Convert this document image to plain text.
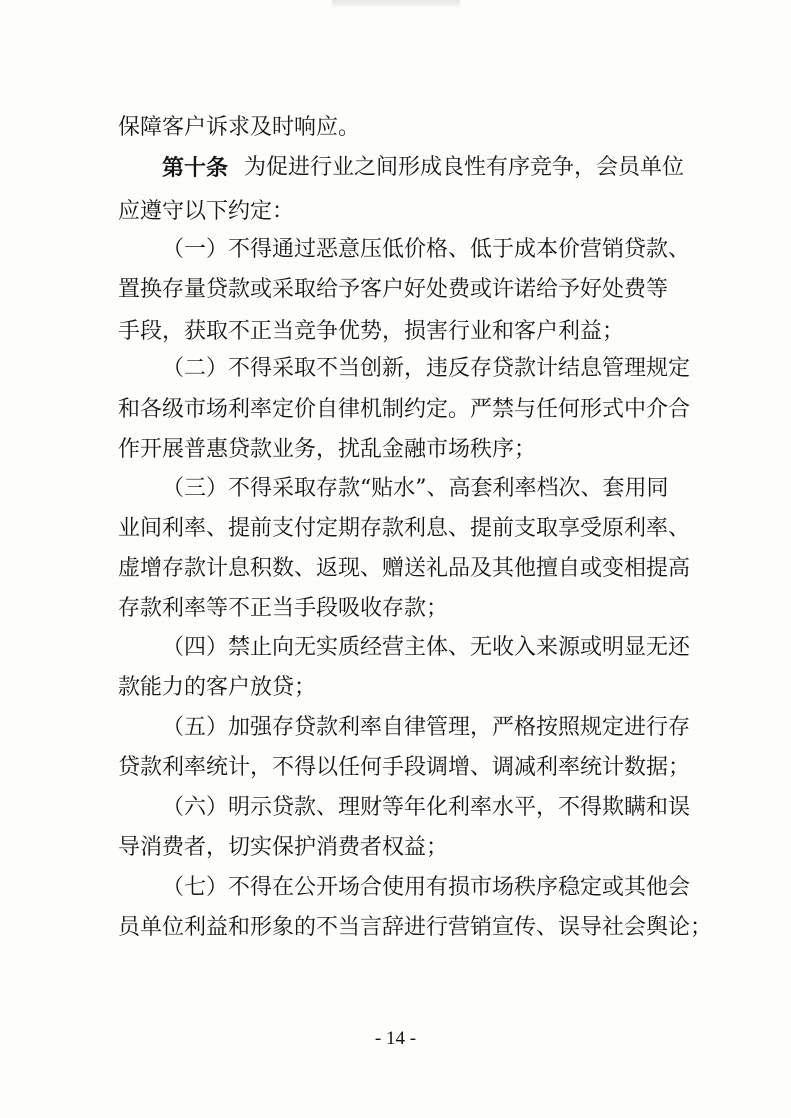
保障客户诉求及时响应。
第十条 为促进行业之间形成良性有序竞争，会员单位
应遵守以下约定：
（一）不得通过恶意压低价格、低于成本价营销贷款、
置换存量贷款或采取给予客户好处费或许诺给予好处费等
手段，获取不正当竞争优势，损害行业和客户利益；
（二）不得采取不当创新，违反存贷款计结息管理规定
和各级市场利率定价自律机制约定。严禁与任何形式中介合
作开展普惠贷款业务，扰乱金融市场秩序；
（三）不得采取存款“贴水”、高套利率档次、套用同
业间利率、提前支付定期存款利息、提前支取享受原利率、
虚增存款计息积数、返现、赠送礼品及其他擅自或变相提高
存款利率等不正当手段吸收存款；
（四）禁止向无实质经营主体、无收入来源或明显无还
款能力的客户放贷；
（五）加强存贷款利率自律管理，严格按照规定进行存
贷款利率统计，不得以任何手段调增、调减利率统计数据；
（六）明示贷款、理财等年化利率水平，不得欺瞒和误
导消费者，切实保护消费者权益；
（七）不得在公开场合使用有损市场秩序稳定或其他会
员单位利益和形象的不当言辞进行营销宣传、误导社会舆论；
- 14 -
